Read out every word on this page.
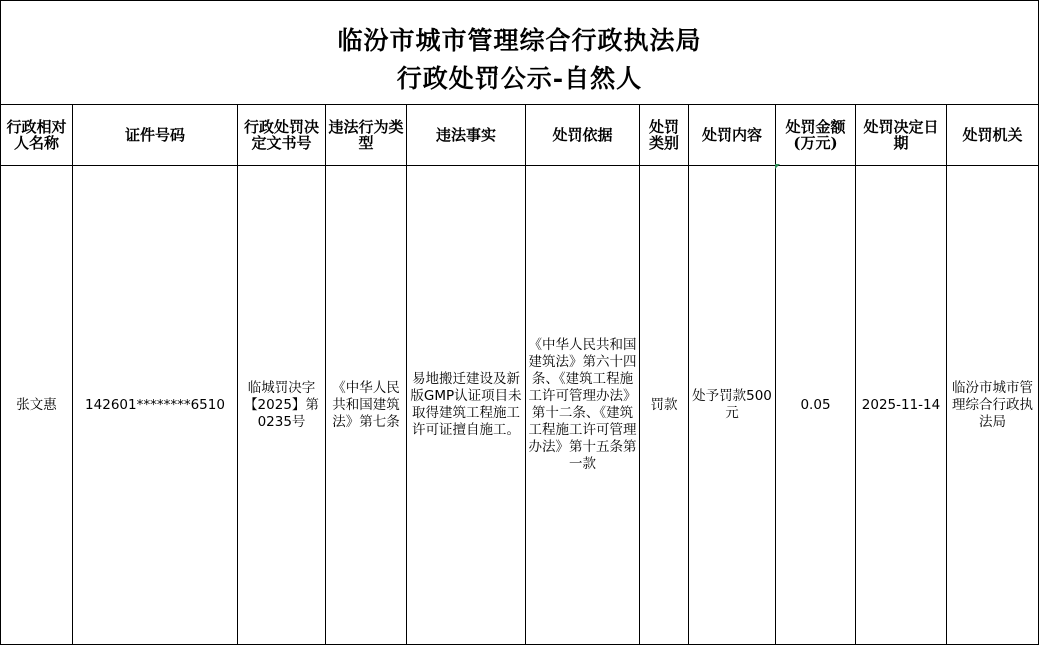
临汾市城市管理综合行政执法局
行政处罚公示-自然人
行政相对人名称	证件号码	行政处罚决定文书号	违法行为类型	违法事实	处罚依据	处罚类别	处罚内容	处罚金额(万元)	处罚决定日期	处罚机关

张文惠	142601********6510	临城罚决字【2025】第0235号	《中华人民共和国建筑法》第七条	易地搬迁建设及新版GMP认证项目未取得建筑工程施工许可证擅自施工。	《中华人民共和国建筑法》第六十四条、《建筑工程施工许可管理办法》第十二条、《建筑工程施工许可管理办法》第十五条第一款	罚款	处予罚款500元	0.05	2025-11-14	临汾市城市管理综合行政执法局
